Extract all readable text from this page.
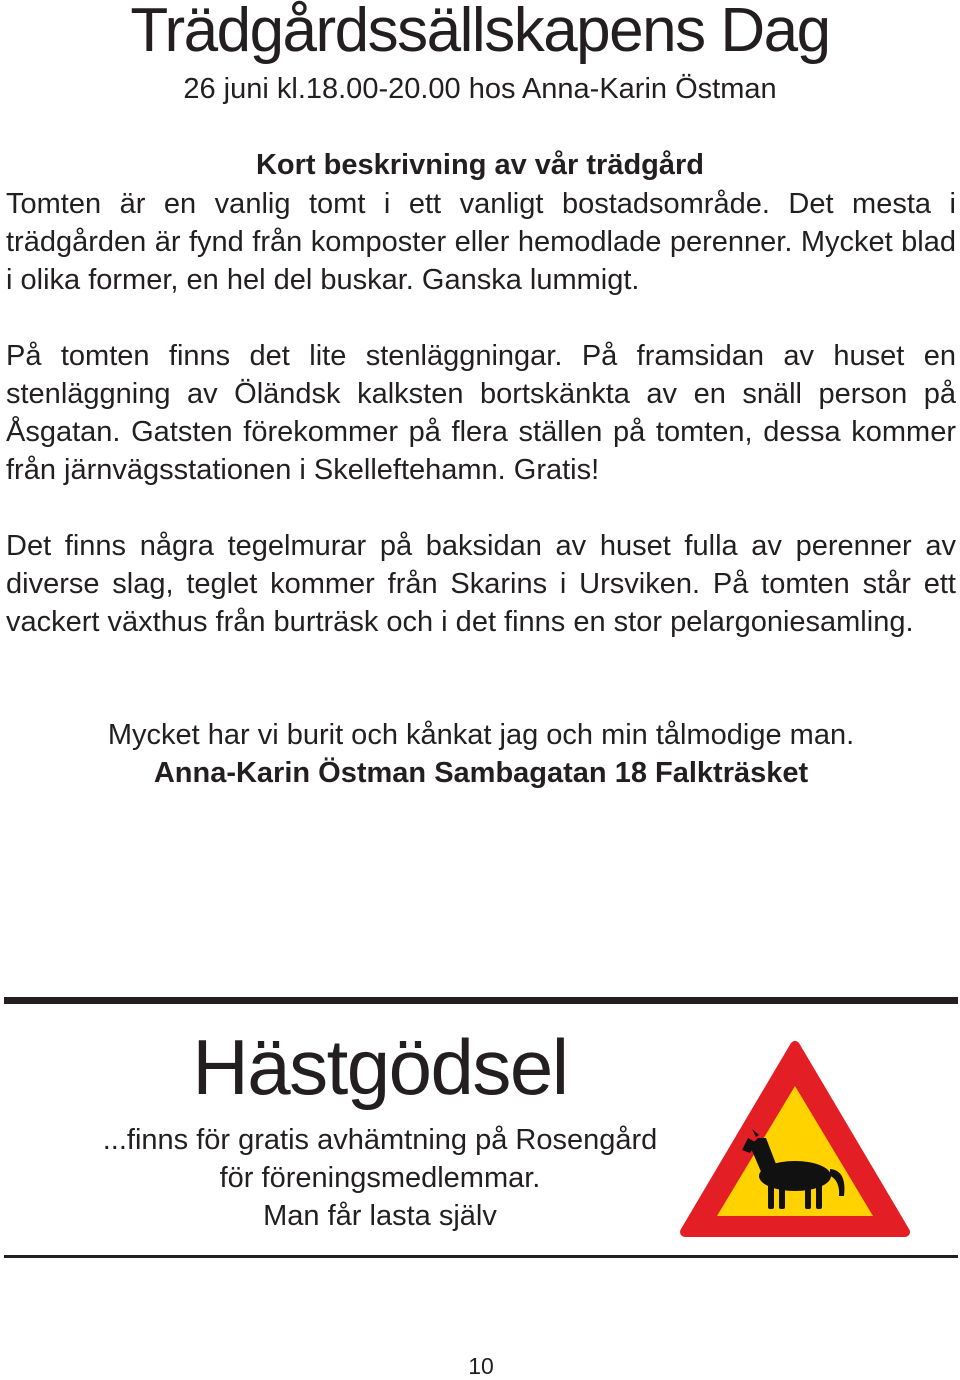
Trädgårdssällskapens Dag
26 juni kl.18.00-20.00 hos Anna-Karin Östman
Kort beskrivning av vår trädgård
Tomten är en vanlig tomt i ett vanligt bostadsområde. Det mesta i trädgården är fynd från komposter eller hemodlade perenner. Mycket blad i olika former, en hel del buskar. Ganska lummigt.
På tomten finns det lite stenläggningar. På framsidan av huset en stenläggning av Öländsk kalksten bortskänkta av en snäll person på Åsgatan. Gatsten förekommer på flera ställen på tomten, dessa kommer från järnvägsstationen i Skelleftehamn. Gratis!
Det finns några tegelmurar på baksidan av huset fulla av perenner av diverse slag, teglet kommer från Skarins i Ursviken. På tomten står ett vackert växthus från burträsk och i det finns en stor pelargoniesamling.
Mycket har vi burit och kånkat jag och min tålmodige man.
Anna-Karin Östman Sambagatan 18 Falkträsket
Hästgödsel
...finns för gratis avhämtning på Rosengård
för föreningsmedlemmar.
Man får lasta själv
10
